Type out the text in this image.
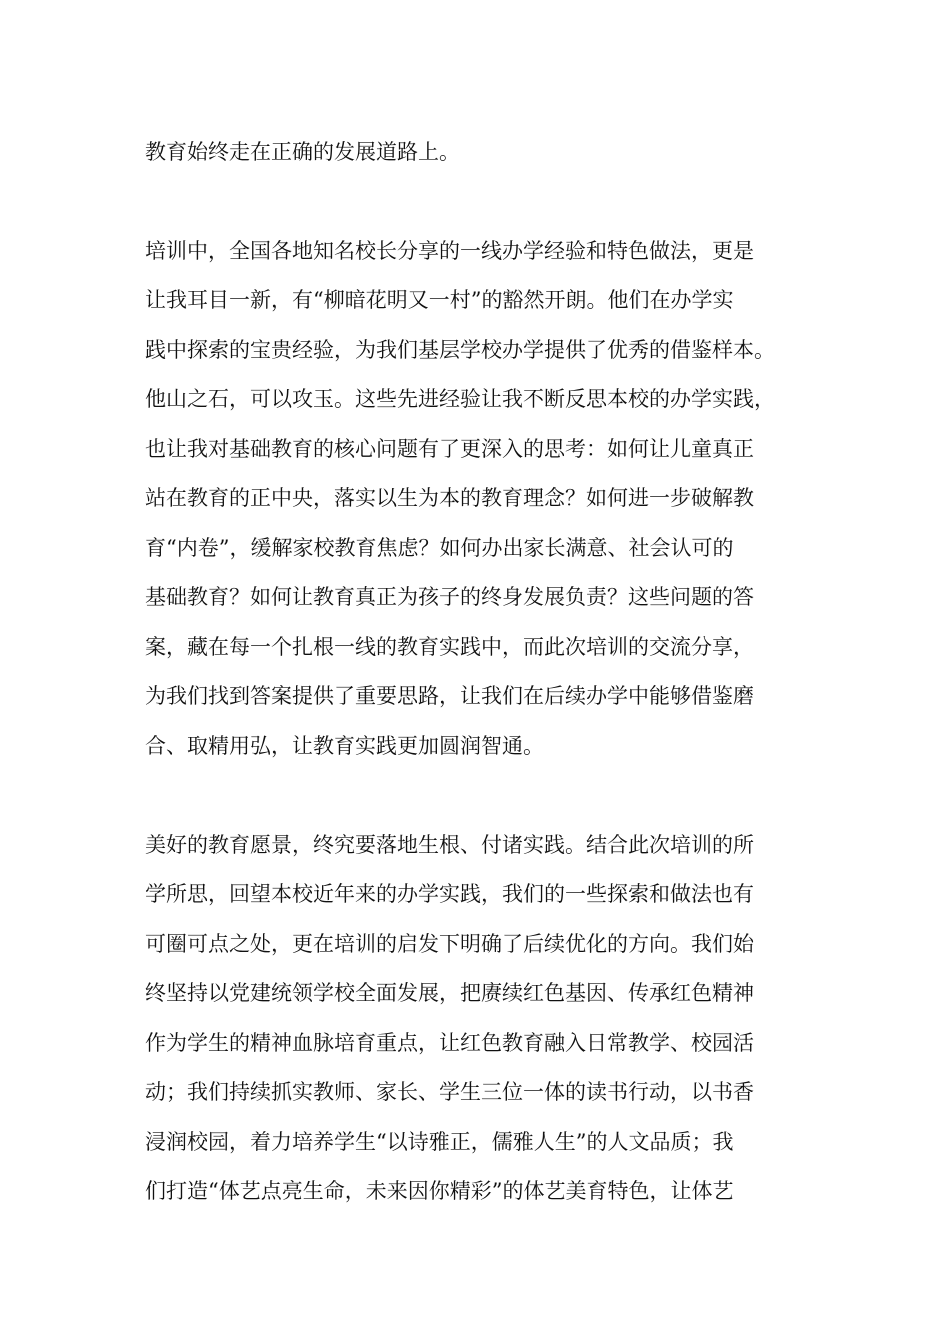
教育始终走在正确的发展道路上。

培训中，全国各地知名校长分享的一线办学经验和特色做法，更是

让我耳目一新，有“柳暗花明又一村”的豁然开朗。他们在办学实

践中探索的宝贵经验，为我们基层学校办学提供了优秀的借鉴样本。

他山之石，可以攻玉。这些先进经验让我不断反思本校的办学实践，

也让我对基础教育的核心问题有了更深入的思考：如何让儿童真正

站在教育的正中央，落实以生为本的教育理念？如何进一步破解教

育“内卷”，缓解家校教育焦虑？如何办出家长满意、社会认可的

基础教育？如何让教育真正为孩子的终身发展负责？这些问题的答

案，藏在每一个扎根一线的教育实践中，而此次培训的交流分享，

为我们找到答案提供了重要思路，让我们在后续办学中能够借鉴磨

合、取精用弘，让教育实践更加圆润智通。

美好的教育愿景，终究要落地生根、付诸实践。结合此次培训的所

学所思，回望本校近年来的办学实践，我们的一些探索和做法也有

可圈可点之处，更在培训的启发下明确了后续优化的方向。我们始

终坚持以党建统领学校全面发展，把赓续红色基因、传承红色精神

作为学生的精神血脉培育重点，让红色教育融入日常教学、校园活

动；我们持续抓实教师、家长、学生三位一体的读书行动，以书香

浸润校园，着力培养学生“以诗雅正，儒雅人生”的人文品质；我

们打造“体艺点亮生命，未来因你精彩”的体艺美育特色，让体艺
